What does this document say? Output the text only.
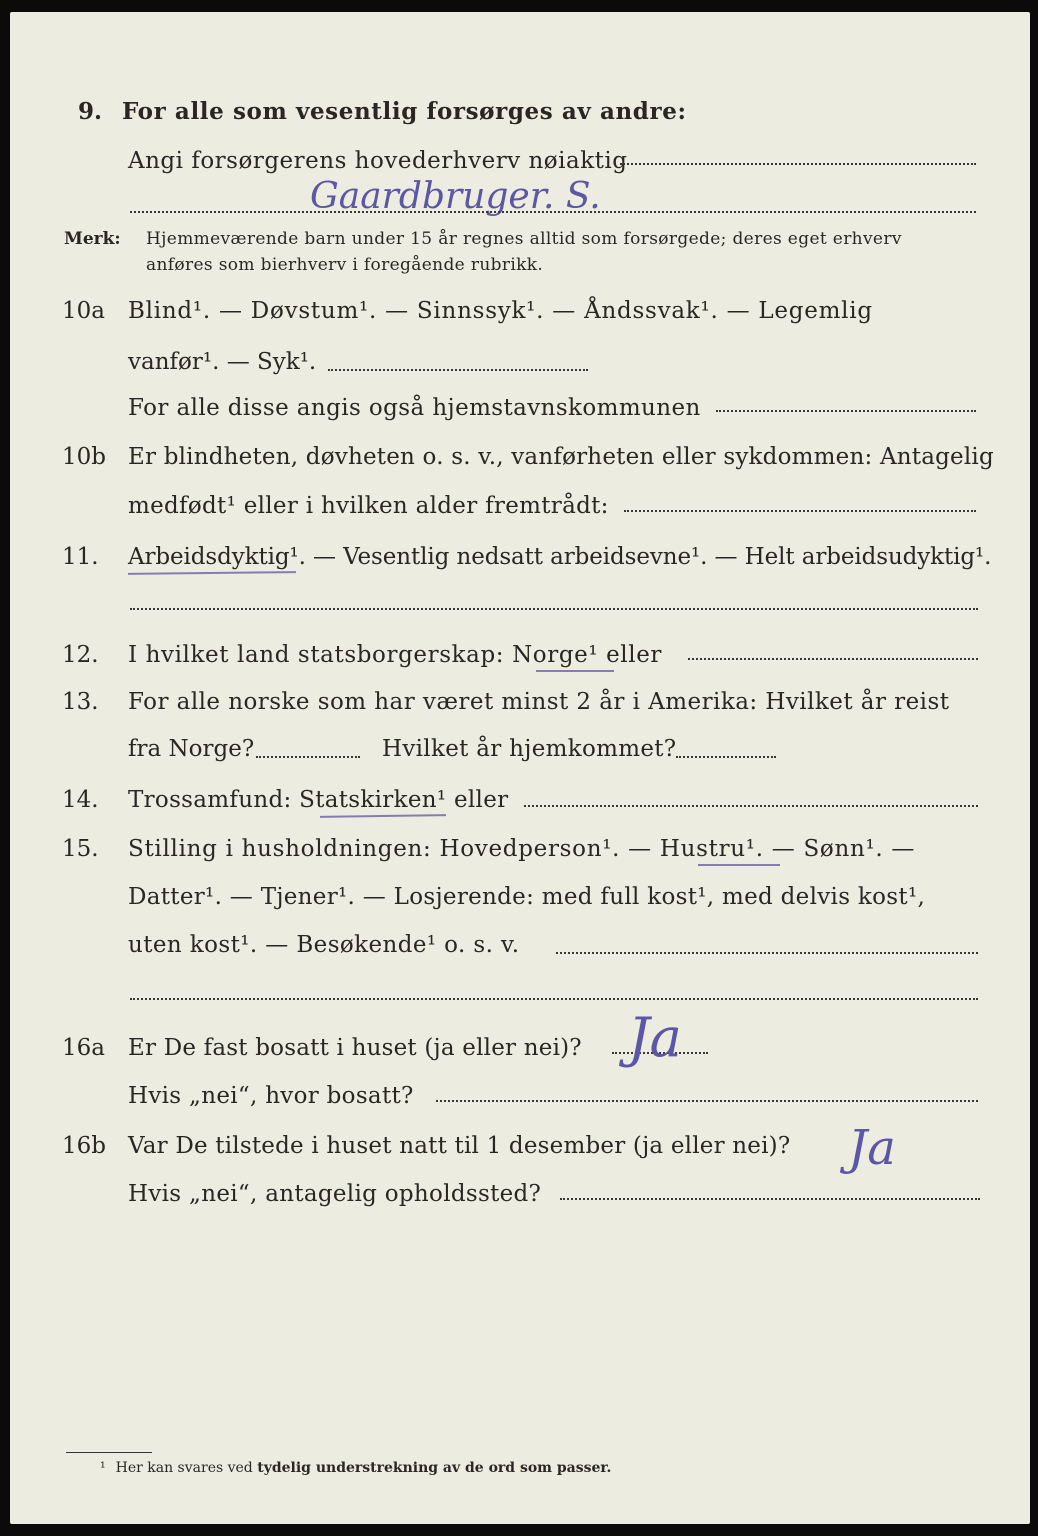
9. For alle som vesentlig forsørges av andre:
Angi forsørgerens hovederhverv nøiaktig
Gaardbruger. S.
Merk: Hjemmeværende barn under 15 år regnes alltid som forsørgede; deres eget erhverv
anføres som bierhverv i foregående rubrikk.
10a Blind¹. — Døvstum¹. — Sinnssyk¹. — Åndssvak¹. — Legemlig
vanfør¹. — Syk¹.
For alle disse angis også hjemstavnskommunen
10b Er blindheten, døvheten o. s. v., vanførheten eller sykdommen: Antagelig
medfødt¹ eller i hvilken alder fremtrådt:
11. Arbeidsdyktig¹. — Vesentlig nedsatt arbeidsevne¹. — Helt arbeidsudyktig¹.
12. I hvilket land statsborgerskap: Norge¹ eller
13. For alle norske som har været minst 2 år i Amerika: Hvilket år reist
fra Norge?	Hvilket år hjemkommet?
14. Trossamfund: Statskirken¹ eller
15. Stilling i husholdningen: Hovedperson¹. — Hustru¹. — Sønn¹. —
Datter¹. — Tjener¹. — Losjerende: med full kost¹, med delvis kost¹,
uten kost¹. — Besøkende¹ o. s. v.
16a Er De fast bosatt i huset (ja eller nei)? Ja
Hvis „nei“, hvor bosatt?
16b Var De tilstede i huset natt til 1 desember (ja eller nei)? Ja
Hvis „nei“, antagelig opholdssted?
¹ Her kan svares ved tydelig understrekning av de ord som passer.
